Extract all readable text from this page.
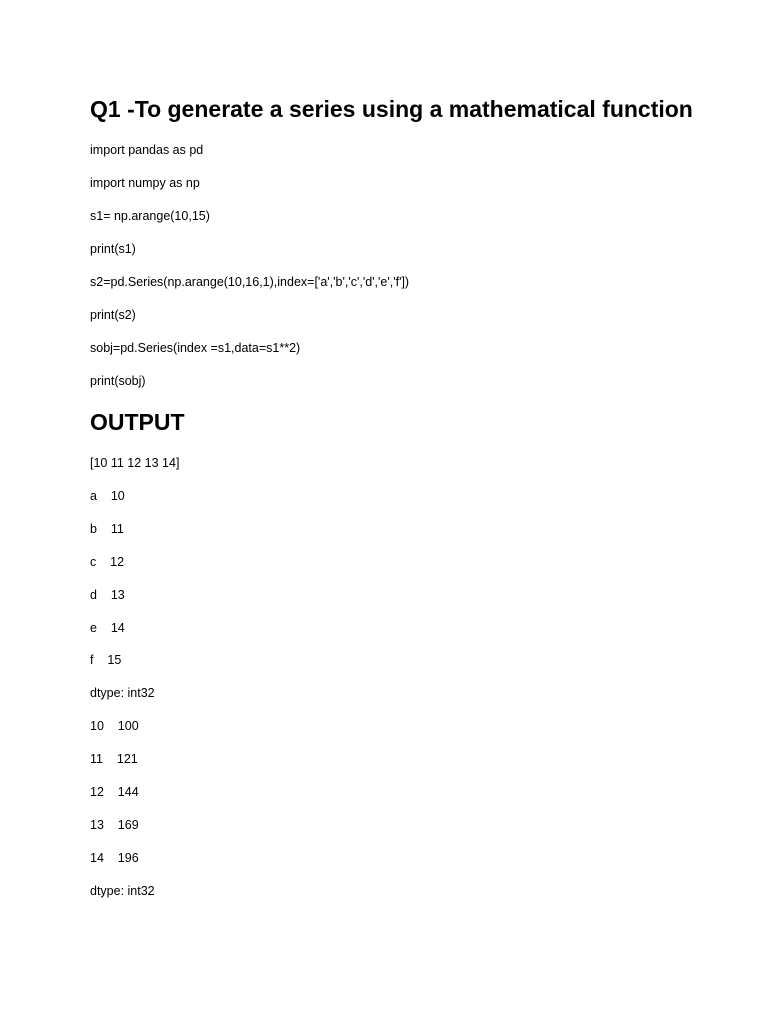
Q1 -To generate a series using a mathematical function

import pandas as pd

import numpy as np

s1= np.arange(10,15)

print(s1)

s2=pd.Series(np.arange(10,16,1),index=['a','b','c','d','e','f'])

print(s2)

sobj=pd.Series(index =s1,data=s1**2)

print(sobj)

OUTPUT

[10 11 12 13 14]

a    10

b    11

c    12

d    13

e    14

f    15

dtype: int32

10    100

11    121

12    144

13    169

14    196

dtype: int32
